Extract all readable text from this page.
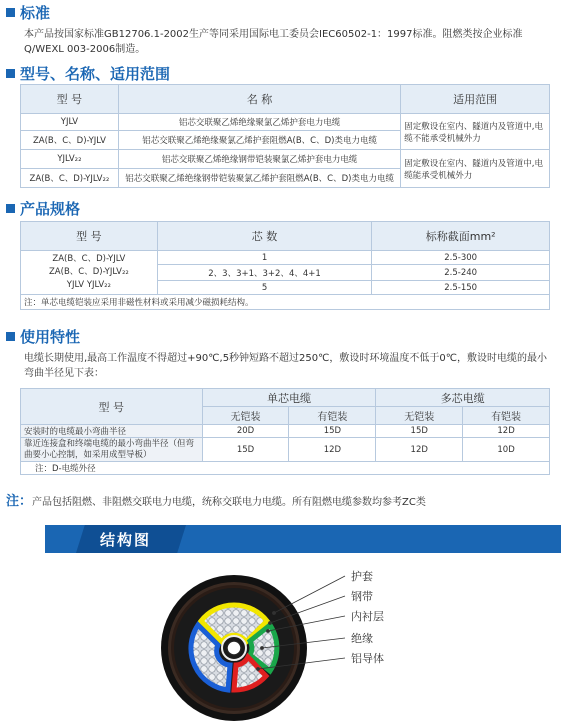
标准
本产品按国家标准GB12706.1-2002生产等同采用国际电工委员会IEC60502-1：1997标准。阻燃类按企业标准Q/WEXL 003-2006制造。
型号、名称、适用范围
型 号	名 称	适用范围
YJLV	铝芯交联聚乙烯绝缘聚氯乙烯护套电力电缆	固定敷设在室内、隧道内及管道中,电缆不能承受机械外力
ZA(B、C、D)-YJLV	铝芯交联聚乙烯绝缘聚氯乙烯护套阻燃A(B、C、D)类电力电缆	
YJLV₂₂	铝芯交联聚乙烯绝缘钢带铠装聚氯乙烯护套电力电缆	固定敷设在室内、隧道内及管道中,电缆能承受机械外力
ZA(B、C、D)-YJLV₂₂	铝芯交联聚乙烯绝缘钢带铠装聚氯乙烯护套阻燃A(B、C、D)类电力电缆	
产品规格
型 号	芯 数	标称截面mm²

ZA(B、C、D)-YJLV
ZA(B、C、D)-YJLV₂₂
YJLV YJLV₂₂	1	2.5-300
	2、3、3+1、3+2、4、4+1	2.5-240
	5	2.5-150
注：单芯电缆铠装应采用非磁性材料或采用减少磁损耗结构。		
使用特性
电缆长期使用,最高工作温度不得超过+90℃,5秒钟短路不超过250℃，敷设时环境温度不低于0℃，敷设时电缆的最小弯曲半径见下表：
型 号	单芯电缆		多芯电缆	
	无铠装	有铠装	无铠装	有铠装
安装时的电缆最小弯曲半径	20D	15D	15D	12D
靠近连接盒和终端电缆的最小弯曲半径（但弯曲要小心控制，如采用成型导板）	15D	12D	12D	10D
注：D-电缆外径				
注：产品包括阻燃、非阻燃交联电力电缆，统称交联电力电缆。所有阻燃电缆参数均参考ZC类
结构图
护套
钢带
内衬层
绝缘
铝导体
